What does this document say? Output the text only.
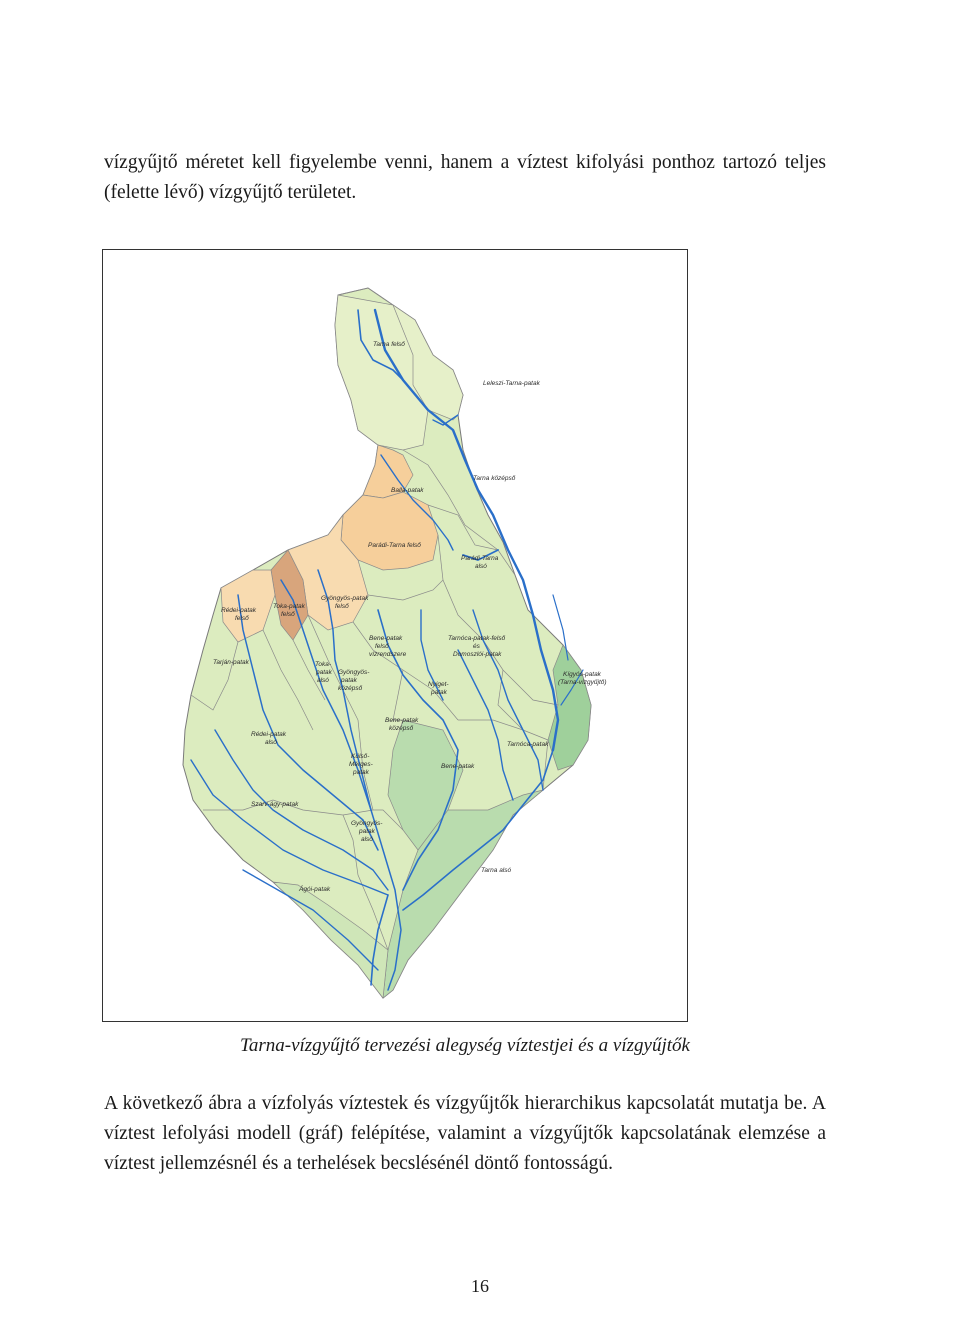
vízgyűjtő méretet kell figyelembe venni, hanem a víztest kifolyási ponthoz tartozó teljes (felette lévő) vízgyűjtő területet.

Tarna felső
Leleszi-Tarna-patak
Tarna középső
Balla-patak
Parádi-Tarna felső
Parádi-Tarna
alsó
Gyöngyös-patak
felső
Rédei-patak
felső
Toka-patak
felső
Bene-patak
felső
vízrendszere
Tarnóca-patak-felső
és
Domoszlói-patak
Tarján-patak	Toka-
patak
alsó
Gyöngyös-
patak
középső
Nyiget-
patak
Kígyós-patak
(Tarna-vízgyűjtő)
Rédei-patak
alsó
Bene-patak
középső
Tarnóca-patak
Külső-
Mérges-
patak
Bene-patak
Szarv-ágy-patak
Gyöngyös-
patak
alsó
Tarna alsó
Ágói-patak

Tarna-vízgyűjtő tervezési alegység víztestjei és a vízgyűjtők

A következő ábra a vízfolyás víztestek és vízgyűjtők hierarchikus kapcsolatát mutatja be. A víztest lefolyási modell (gráf) felépítése, valamint a vízgyűjtők kapcsolatának elemzése a víztest jellemzésnél és a terhelések becslésénél döntő fontosságú.

16
